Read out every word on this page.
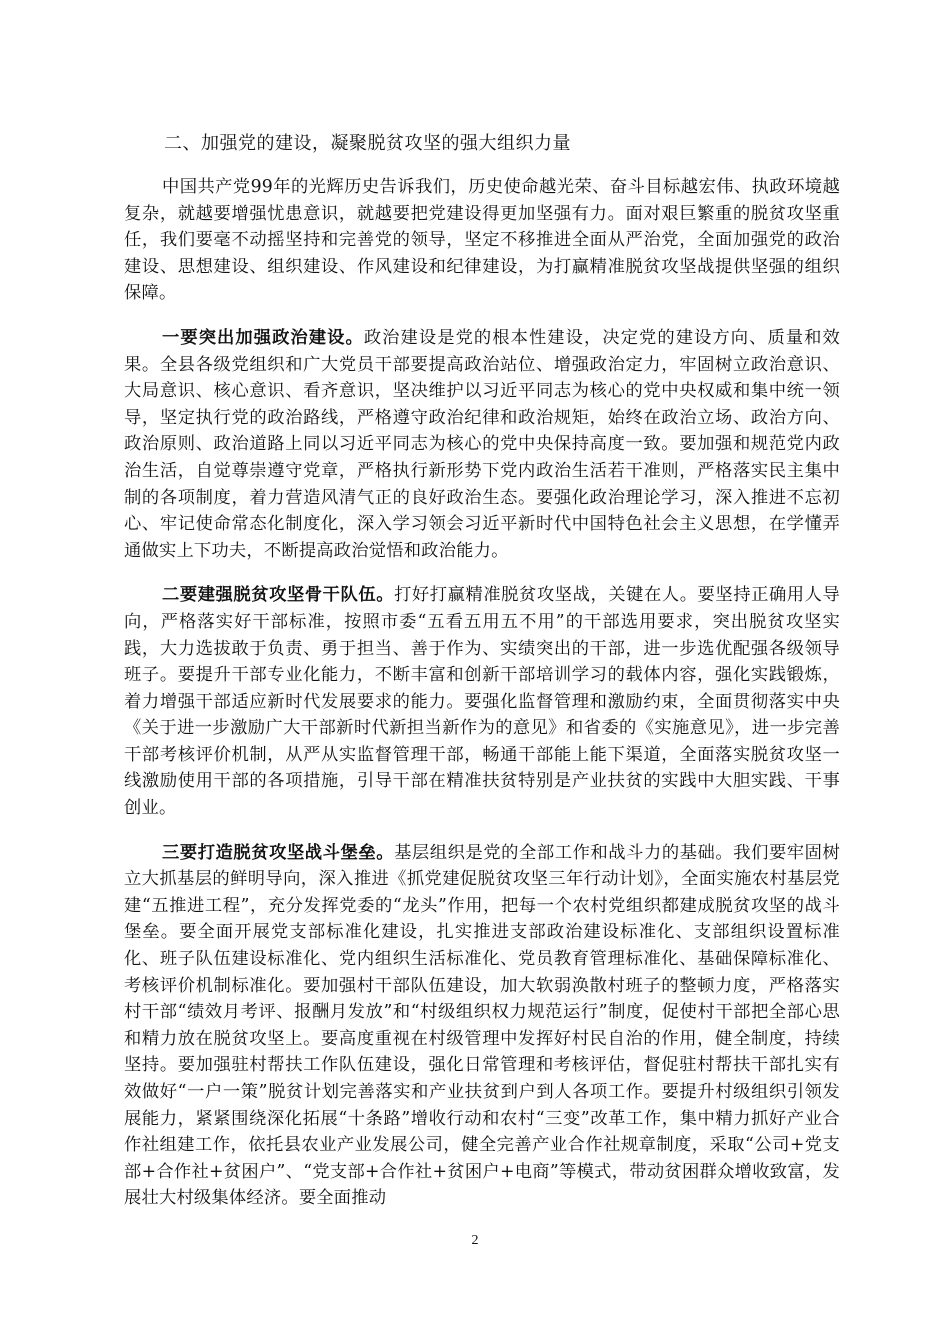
二、加强党的建设，凝聚脱贫攻坚的强大组织力量

中国共产党99年的光辉历史告诉我们，历史使命越光荣、奋斗目标越宏伟、执政环境越复杂，就越要增强忧患意识，就越要把党建设得更加坚强有力。面对艰巨繁重的脱贫攻坚重任，我们要毫不动摇坚持和完善党的领导，坚定不移推进全面从严治党，全面加强党的政治建设、思想建设、组织建设、作风建设和纪律建设，为打赢精准脱贫攻坚战提供坚强的组织保障。

一要突出加强政治建设。政治建设是党的根本性建设，决定党的建设方向、质量和效果。全县各级党组织和广大党员干部要提高政治站位、增强政治定力，牢固树立政治意识、大局意识、核心意识、看齐意识，坚决维护以习近平同志为核心的党中央权威和集中统一领导，坚定执行党的政治路线，严格遵守政治纪律和政治规矩，始终在政治立场、政治方向、政治原则、政治道路上同以习近平同志为核心的党中央保持高度一致。要加强和规范党内政治生活，自觉尊崇遵守党章，严格执行新形势下党内政治生活若干准则，严格落实民主集中制的各项制度，着力营造风清气正的良好政治生态。要强化政治理论学习，深入推进不忘初心、牢记使命常态化制度化，深入学习领会习近平新时代中国特色社会主义思想，在学懂弄通做实上下功夫，不断提高政治觉悟和政治能力。

二要建强脱贫攻坚骨干队伍。打好打赢精准脱贫攻坚战，关键在人。要坚持正确用人导向，严格落实好干部标准，按照市委“五看五用五不用”的干部选用要求，突出脱贫攻坚实践，大力选拔敢于负责、勇于担当、善于作为、实绩突出的干部，进一步选优配强各级领导班子。要提升干部专业化能力，不断丰富和创新干部培训学习的载体内容，强化实践锻炼，着力增强干部适应新时代发展要求的能力。要强化监督管理和激励约束，全面贯彻落实中央《关于进一步激励广大干部新时代新担当新作为的意见》和省委的《实施意见》，进一步完善干部考核评价机制，从严从实监督管理干部，畅通干部能上能下渠道，全面落实脱贫攻坚一线激励使用干部的各项措施，引导干部在精准扶贫特别是产业扶贫的实践中大胆实践、干事创业。

三要打造脱贫攻坚战斗堡垒。基层组织是党的全部工作和战斗力的基础。我们要牢固树立大抓基层的鲜明导向，深入推进《抓党建促脱贫攻坚三年行动计划》，全面实施农村基层党建“五推进工程”，充分发挥党委的“龙头”作用，把每一个农村党组织都建成脱贫攻坚的战斗堡垒。要全面开展党支部标准化建设，扎实推进支部政治建设标准化、支部组织设置标准化、班子队伍建设标准化、党内组织生活标准化、党员教育管理标准化、基础保障标准化、考核评价机制标准化。要加强村干部队伍建设，加大软弱涣散村班子的整顿力度，严格落实村干部“绩效月考评、报酬月发放”和“村级组织权力规范运行”制度，促使村干部把全部心思和精力放在脱贫攻坚上。要高度重视在村级管理中发挥好村民自治的作用，健全制度，持续坚持。要加强驻村帮扶工作队伍建设，强化日常管理和考核评估，督促驻村帮扶干部扎实有效做好“一户一策”脱贫计划完善落实和产业扶贫到户到人各项工作。要提升村级组织引领发展能力，紧紧围绕深化拓展“十条路”增收行动和农村“三变”改革工作，集中精力抓好产业合作社组建工作，依托县农业产业发展公司，健全完善产业合作社规章制度，采取“公司+党支部+合作社+贫困户”、“党支部+合作社+贫困户+电商”等模式，带动贫困群众增收致富，发展壮大村级集体经济。要全面推动

2
